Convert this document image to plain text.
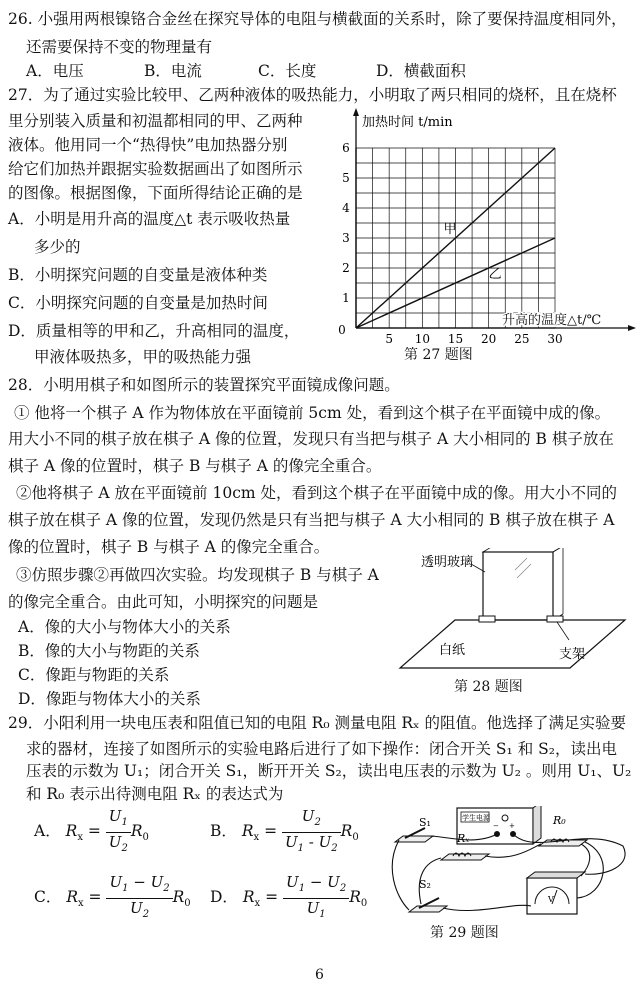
26. 小强用两根镍铬合金丝在探究导体的电阻与横截面的关系时，除了要保持温度相同外，
还需要保持不变的物理量有
A．电压	B．电流	C．长度	D．横截面积
27．为了通过实验比较甲、乙两种液体的吸热能力，小明取了两只相同的烧杯，且在烧杯
里分别装入质量和初温都相同的甲、乙两种
液体。他用同一个“热得快”电加热器分别
给它们加热并跟据实验数据画出了如图所示
的图像。根据图像，下面所得结论正确的是
A．小明是用升高的温度△t 表示吸收热量
多少的
B．小明探究问题的自变量是液体种类
C．小明探究问题的自变量是加热时间
D．质量相等的甲和乙，升高相同的温度，
甲液体吸热多，甲的吸热能力强
5 10 15 20 25 30
0
1
2
3
4
5
6
加热时间 t/min
升高的温度△t/℃
甲
乙
第 27 题图
28．小明用棋子和如图所示的装置探究平面镜成像问题。
① 他将一个棋子 A 作为物体放在平面镜前 5cm 处，看到这个棋子在平面镜中成的像。
用大小不同的棋子放在棋子 A 像的位置，发现只有当把与棋子 A 大小相同的 B 棋子放在
棋子 A 像的位置时，棋子 B 与棋子 A 的像完全重合。
②他将棋子 A 放在平面镜前 10cm 处，看到这个棋子在平面镜中成的像。用大小不同的
棋子放在棋子 A 像的位置，发现仍然是只有当把与棋子 A 大小相同的 B 棋子放在棋子 A
像的位置时，棋子 B 与棋子 A 的像完全重合。
③仿照步骤②再做四次实验。均发现棋子 B 与棋子 A
的像完全重合。由此可知，小明探究的问题是
A．像的大小与物体大小的关系
B．像的大小与物距的关系
C．像距与物距的关系
D．像距与物体大小的关系
透明玻璃
白纸	支架
第 28 题图
29．小阳利用一块电压表和阻值已知的电阻 R₀ 测量电阻 Rₓ 的阻值。他选择了满足实验要
求的器材，连接了如图所示的实验电路后进行了如下操作：闭合开关 S₁ 和 S₂，读出电
压表的示数为 U₁；闭合开关 S₁，断开开关 S₂，读出电压表的示数为 U₂ 。则用 U₁、U₂
和 R₀ 表示出待测电阻 Rₓ 的表达式为
A． $R_x = \frac{U_1}{U_2} R_0$	B． $R_x = \frac{U_2}{U_1 - U_2} R_0$
C． $R_x = \frac{U_1 - U_2}{U_2} R_0$ D． $R_x = \frac{U_1 - U_2}{U_1} R_0$
学生电源
− +
S₁
Rₓ
R₀
S₂
V
第 29 题图
6
